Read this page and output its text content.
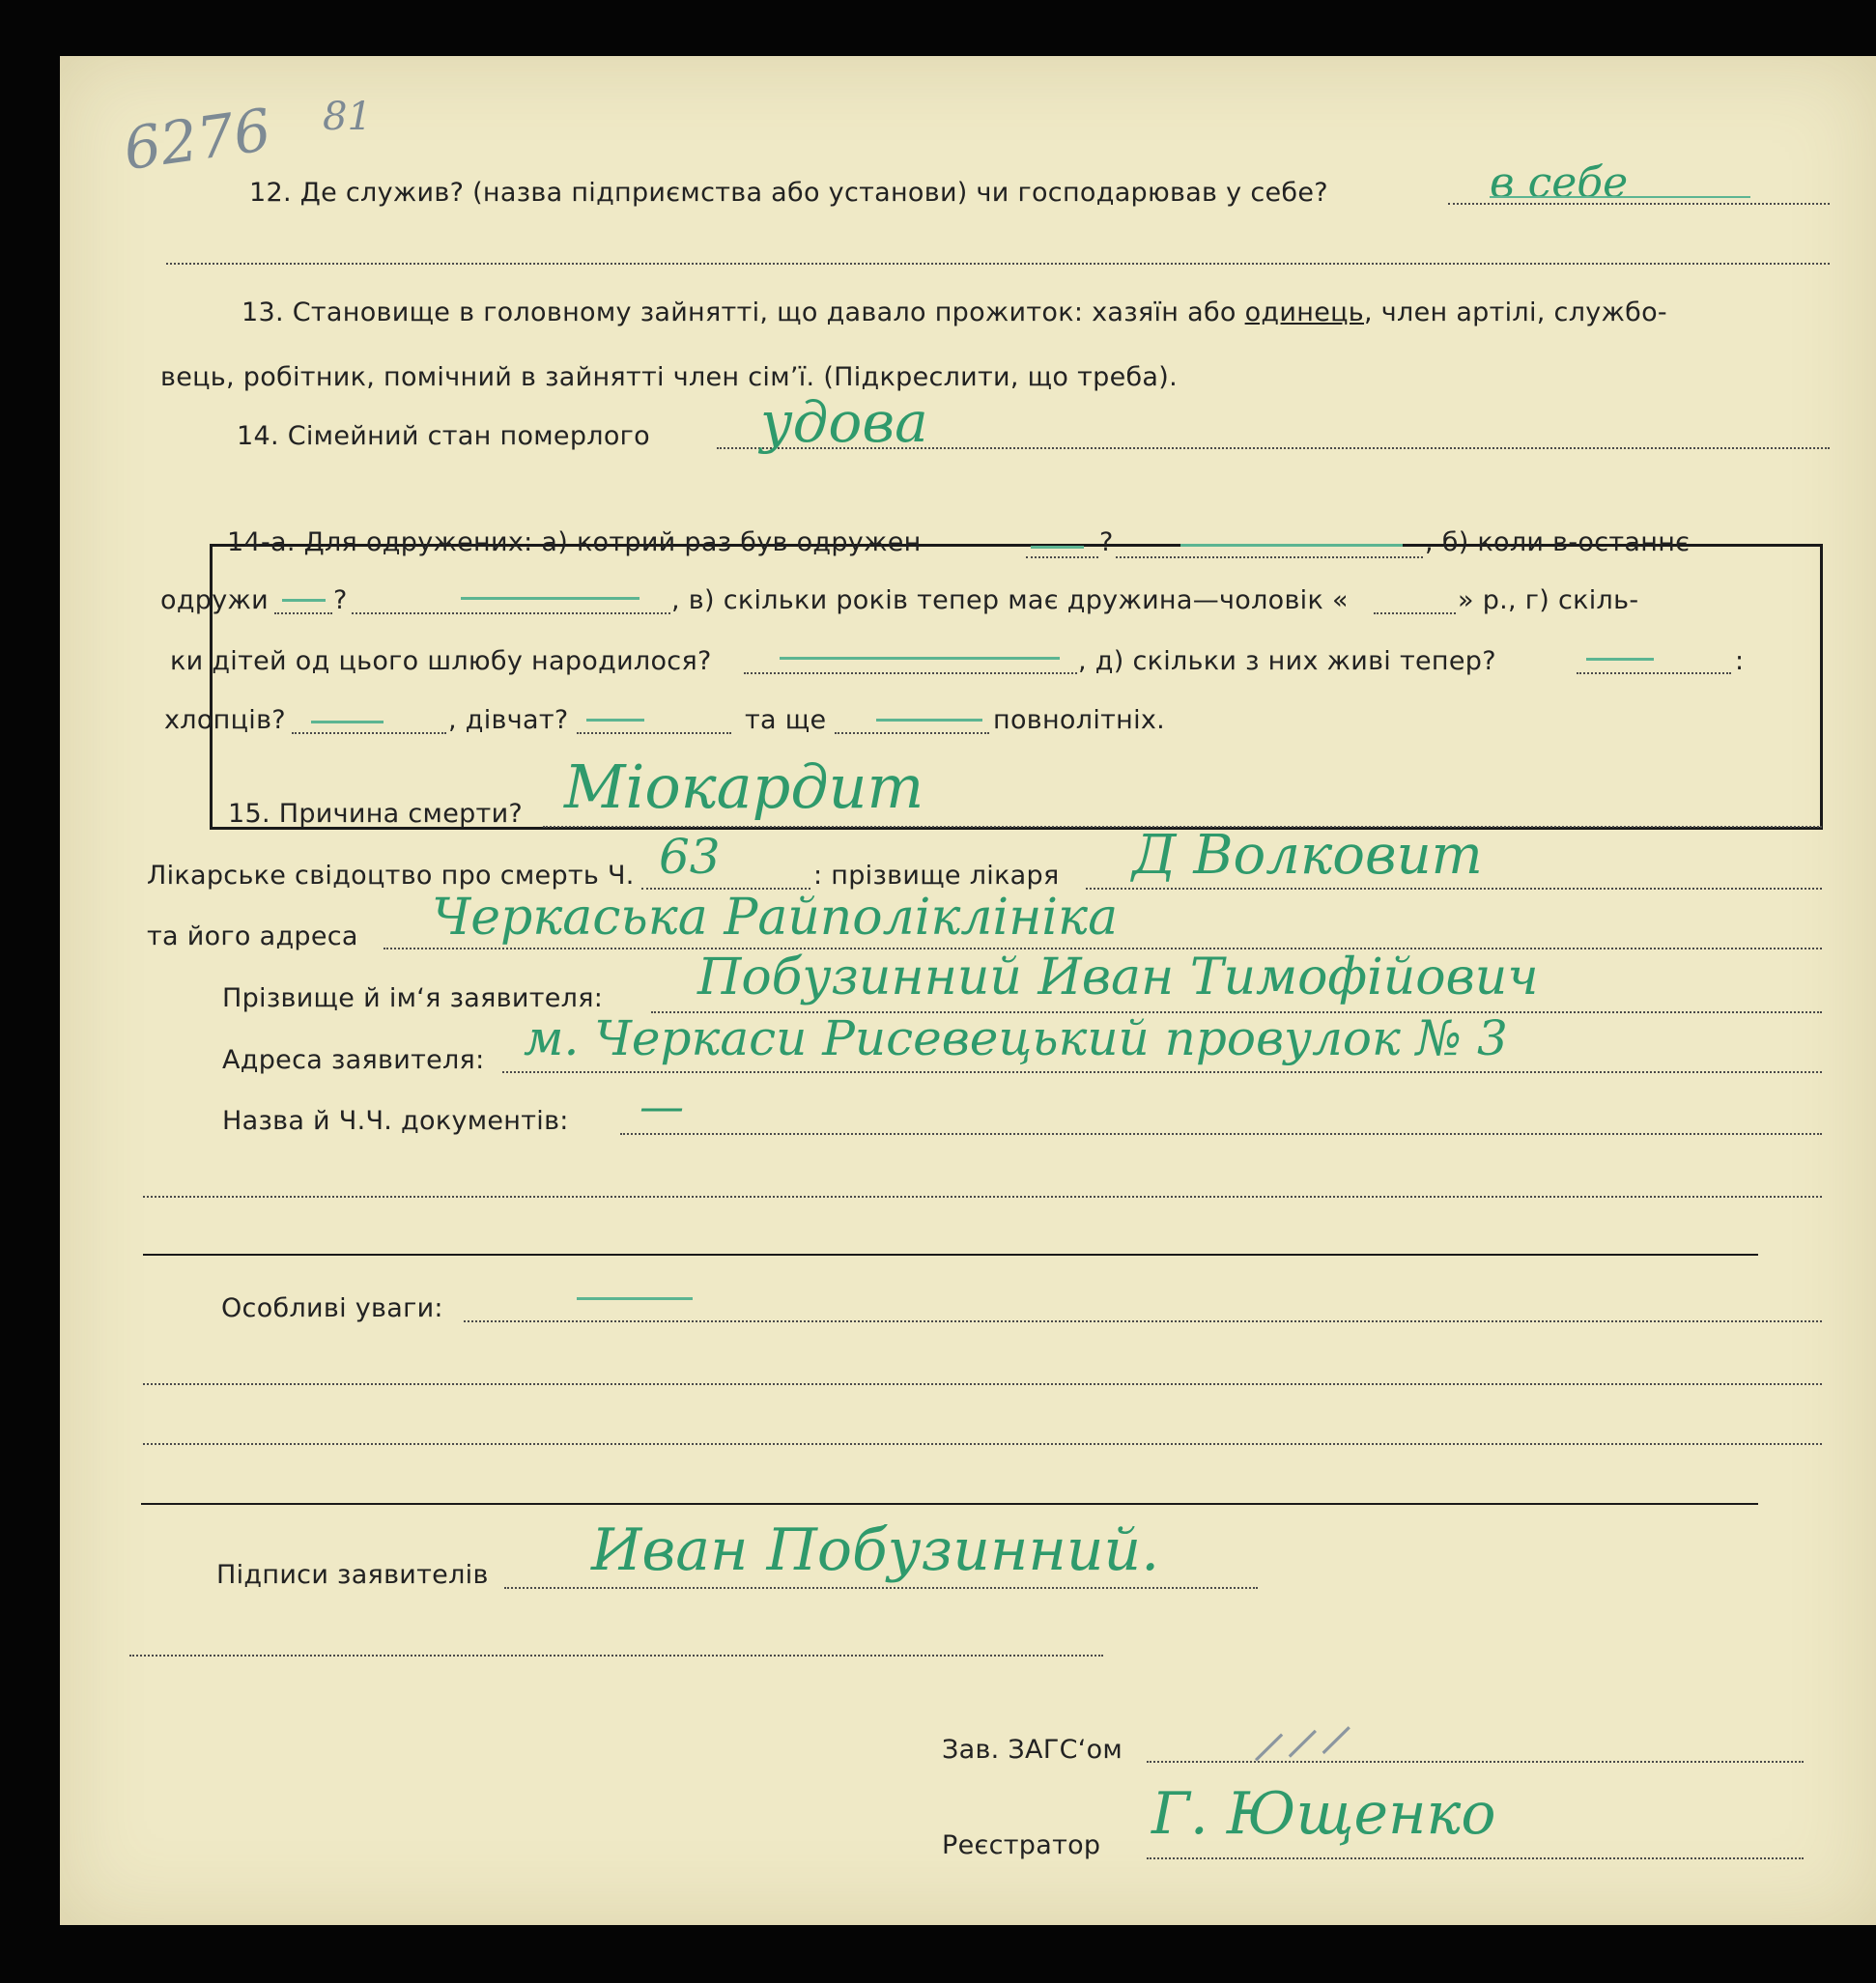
6276 81
12. Де служив? (назва підприємства або установи) чи господарював у себе?	в себе
13. Становище в головному зайнятті, що давало прожиток: хазяїн або одинець, член артілі, службо-
вець, робітник, помічний в зайнятті член сім’ї. (Підкреслити, що треба).
14. Сімейний стан померлого удова
14-а. Для одружених: а) котрий раз був одружен	?	, б) коли в-останнє
одружи ?	, в) скільки років тепер має дружина—чоловік «	» р., г) скіль-
ки дітей од цього шлюбу народилося?	, д) скільки з них живі тепер?	:
хлопців?	, дівчат?	та ще	повнолітніх.
15. Причина смерти? Міокардит
Лікарське свідоцтво про смерть Ч. 63	: прізвище лікаря Д Волковит
та його адреса Черкаська Райполіклініка
Прізвище й ім‘я заявителя: Побузинний Иван Тимофійович
Адреса заявителя: м. Черкаси Рисевецький провулок № 3
Назва й Ч.Ч. документів: —
Особливі уваги:
Підписи заявителів Иван Побузинний.
Зав. ЗАГС‘ом ⸝⸝⸝
Реєстратор Г. Ющенко
